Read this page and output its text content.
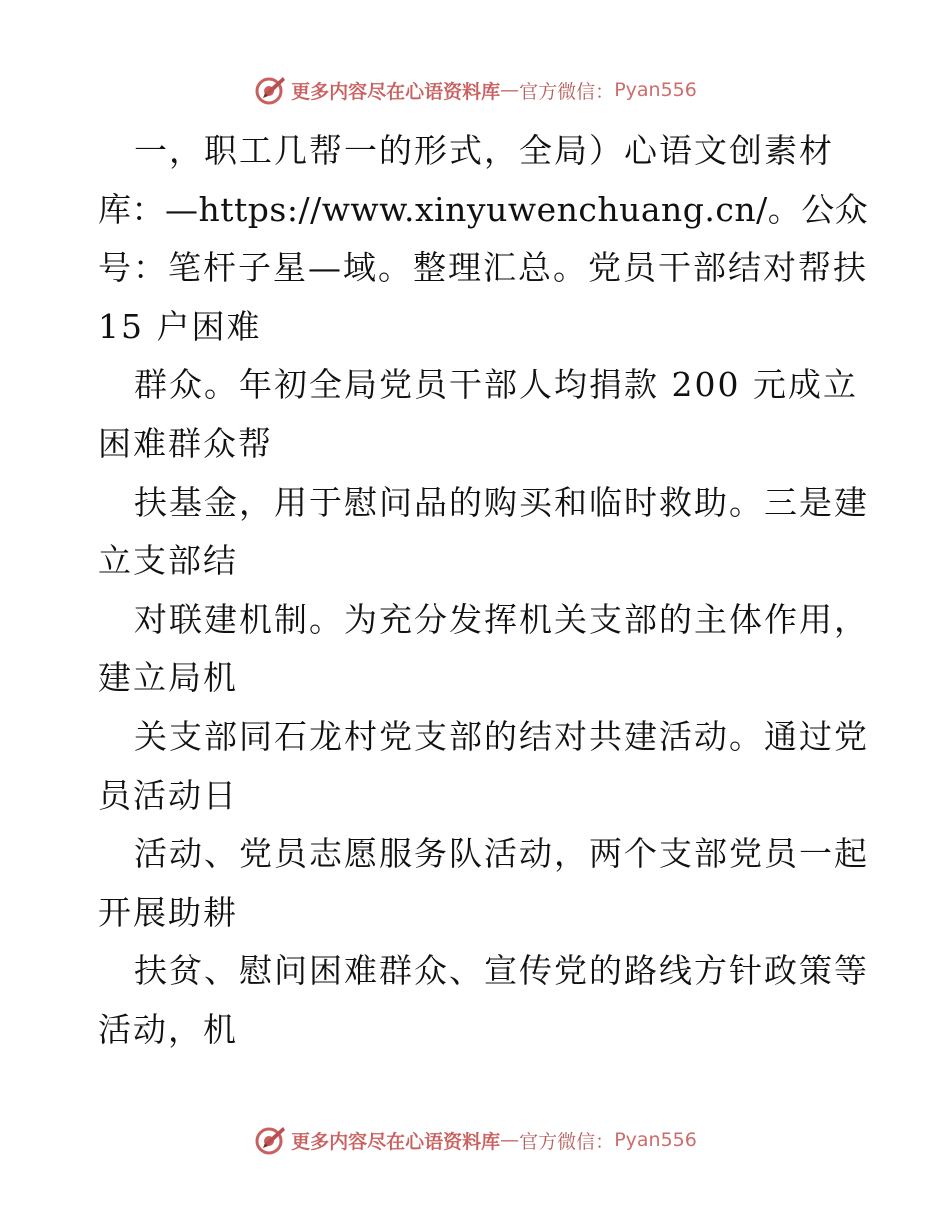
更多内容尽在心语资料库 — 官方微信： Pyan556
一，职工几帮一的形式，全局）心语文创素材
库：—https://www.xinyuwenchuang.cn/。公众
号：笔杆子星—域。整理汇总。党员干部结对帮扶
15 户困难
群众。年初全局党员干部人均捐款 200 元成立
困难群众帮
扶基金，用于慰问品的购买和临时救助。三是建
立支部结
对联建机制。为充分发挥机关支部的主体作用，
建立局机
关支部同石龙村党支部的结对共建活动。通过党
员活动日
活动、党员志愿服务队活动，两个支部党员一起
开展助耕
扶贫、慰问困难群众、宣传党的路线方针政策等
活动，机
更多内容尽在心语资料库 — 官方微信： Pyan556
